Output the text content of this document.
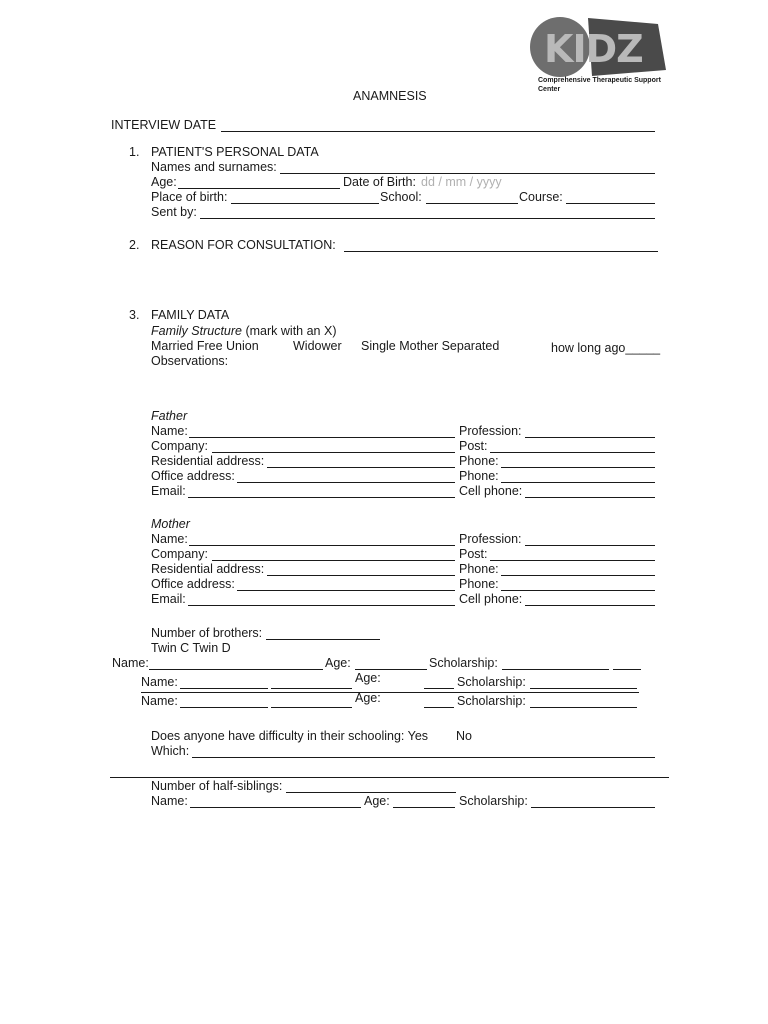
KIDZ
Comprehensive Therapeutic Support
Center
ANAMNESIS
INTERVIEW DATE
1. PATIENT'S PERSONAL DATA
Names and surnames:
Age:	Date of Birth: dd / mm / yyyy
Place of birth:	School:	Course:
Sent by:
2. REASON FOR CONSULTATION:
3. FAMILY DATA
Family Structure (mark with an X)
Married Free Union	Widower Single Mother Separated	how long ago_____
Observations:
Father
Name:	Profession:
Company:	Post:
Residential address:	Phone:
Office address:	Phone:
Email:	Cell phone:
Mother
Name:	Profession:
Company:	Post:
Residential address:	Phone:
Office address:	Phone:
Email:	Cell phone:
Number of brothers:
Twin C Twin D
Name:	Age:	Scholarship:
Name:	Age:	Scholarship:
Name:	Age:	Scholarship:
Does anyone have difficulty in their schooling: Yes No
Which:
Number of half-siblings:
Name:	Age:	Scholarship:
